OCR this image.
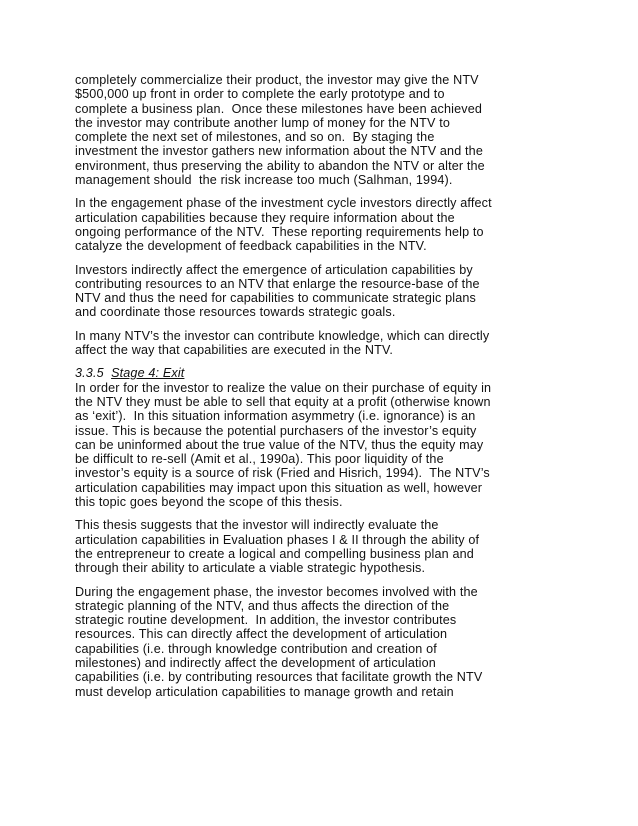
completely commercialize their product, the investor may give the NTV
$500,000 up front in order to complete the early prototype and to
complete a business plan.  Once these milestones have been achieved
the investor may contribute another lump of money for the NTV to
complete the next set of milestones, and so on.  By staging the
investment the investor gathers new information about the NTV and the
environment, thus preserving the ability to abandon the NTV or alter the
management should  the risk increase too much (Salhman, 1994).

In the engagement phase of the investment cycle investors directly affect
articulation capabilities because they require information about the
ongoing performance of the NTV.  These reporting requirements help to
catalyze the development of feedback capabilities in the NTV.

Investors indirectly affect the emergence of articulation capabilities by
contributing resources to an NTV that enlarge the resource-base of the
NTV and thus the need for capabilities to communicate strategic plans
and coordinate those resources towards strategic goals.

In many NTV’s the investor can contribute knowledge, which can directly
affect the way that capabilities are executed in the NTV.

3.3.5 Stage 4: Exit
In order for the investor to realize the value on their purchase of equity in
the NTV they must be able to sell that equity at a profit (otherwise known
as ‘exit’).  In this situation information asymmetry (i.e. ignorance) is an
issue. This is because the potential purchasers of the investor’s equity
can be uninformed about the true value of the NTV, thus the equity may
be difficult to re-sell (Amit et al., 1990a). This poor liquidity of the
investor’s equity is a source of risk (Fried and Hisrich, 1994).  The NTV’s
articulation capabilities may impact upon this situation as well, however
this topic goes beyond the scope of this thesis.

This thesis suggests that the investor will indirectly evaluate the
articulation capabilities in Evaluation phases I & II through the ability of
the entrepreneur to create a logical and compelling business plan and
through their ability to articulate a viable strategic hypothesis.

During the engagement phase, the investor becomes involved with the
strategic planning of the NTV, and thus affects the direction of the
strategic routine development.  In addition, the investor contributes
resources. This can directly affect the development of articulation
capabilities (i.e. through knowledge contribution and creation of
milestones) and indirectly affect the development of articulation
capabilities (i.e. by contributing resources that facilitate growth the NTV
must develop articulation capabilities to manage growth and retain
